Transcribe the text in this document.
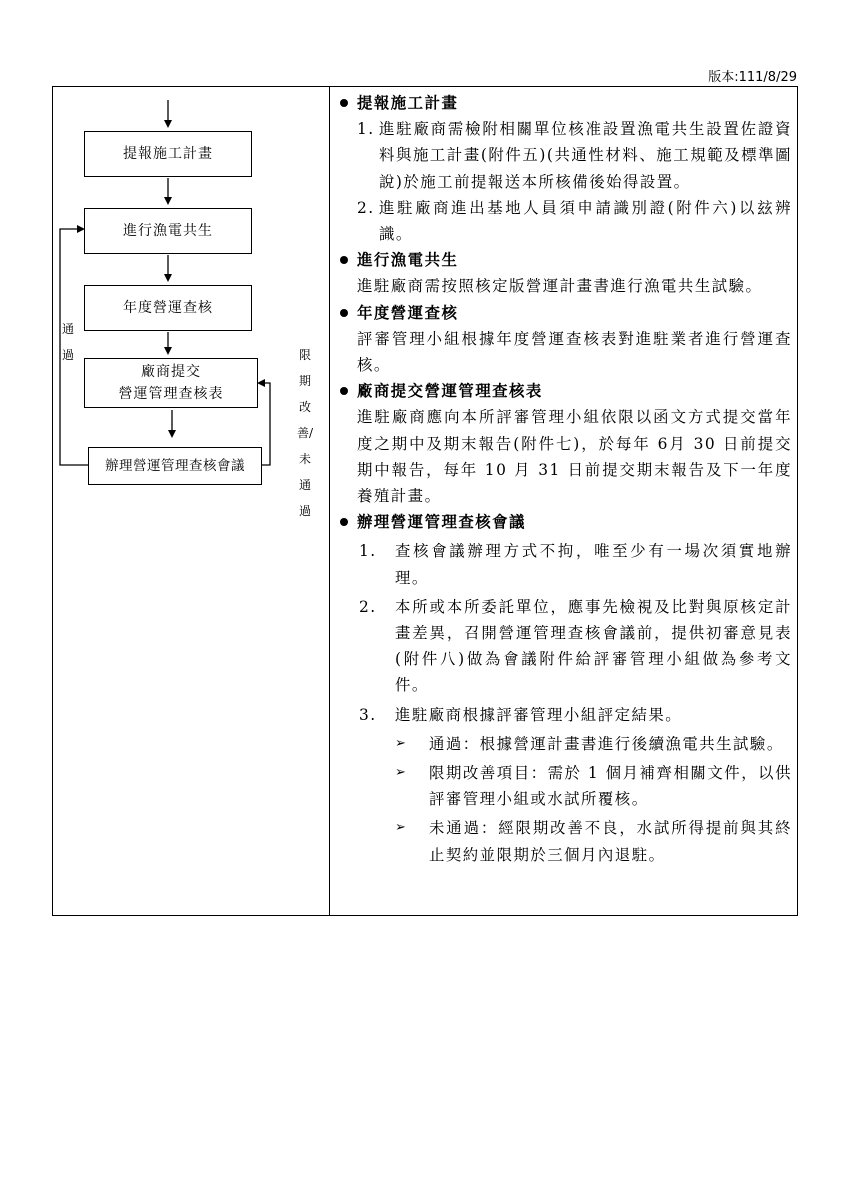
版本:111/8/29
提報施工計畫
進行漁電共生
年度營運查核
廠商提交
營運管理查核表
辦理營運管理查核會議
通過	限期改善/未通過
提報施工計畫
1. 進駐廠商需檢附相關單位核准設置漁電共生設置佐證資料與施工計畫(附件五)(共通性材料、施工規範及標準圖說)於施工前提報送本所核備後始得設置。
2. 進駐廠商進出基地人員須申請識別證(附件六)以玆辨識。
進行漁電共生
進駐廠商需按照核定版營運計畫書進行漁電共生試驗。
年度營運查核
評審管理小組根據年度營運查核表對進駐業者進行營運查核。
廠商提交營運管理查核表
進駐廠商應向本所評審管理小組依限以函文方式提交當年度之期中及期末報告(附件七)，於每年 6月 30 日前提交期中報告，每年 10 月 31 日前提交期末報告及下一年度養殖計畫。
辦理營運管理查核會議
1. 查核會議辦理方式不拘，唯至少有一場次須實地辦理。
2. 本所或本所委託單位，應事先檢視及比對與原核定計畫差異，召開營運管理查核會議前，提供初審意見表(附件八)做為會議附件給評審管理小組做為參考文件。
3. 進駐廠商根據評審管理小組評定結果。
➢ 通過：根據營運計畫書進行後續漁電共生試驗。
➢ 限期改善項目：需於 1 個月補齊相關文件，以供評審管理小組或水試所覆核。
➢ 未通過：經限期改善不良，水試所得提前與其終止契約並限期於三個月內退駐。
